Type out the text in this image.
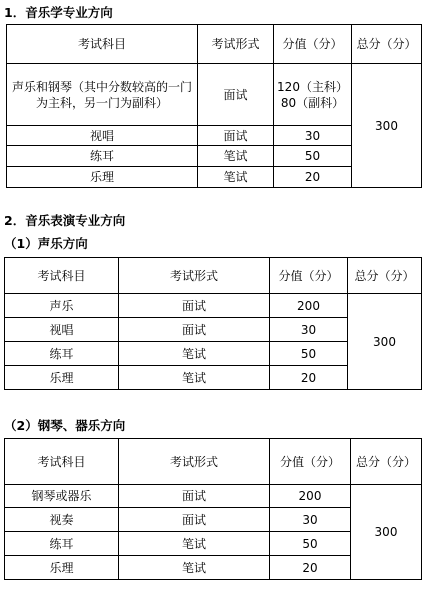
1．音乐学专业方向
考试科目	考试形式	分值（分）	总分（分）
声乐和钢琴（其中分数较高的一门为主科，另一门为副科）	面试	120（主科）80（副科）	300
视唱	面试	30	
练耳	笔试	50	
乐理	笔试	20	
2．音乐表演专业方向
（1）声乐方向
考试科目	考试形式	分值（分）	总分（分）
声乐	面试	200	300
视唱	面试	30	
练耳	笔试	50	
乐理	笔试	20	
（2）钢琴、器乐方向
考试科目	考试形式	分值（分）	总分（分）
钢琴或器乐	面试	200	300
视奏	面试	30	
练耳	笔试	50	
乐理	笔试	20	
